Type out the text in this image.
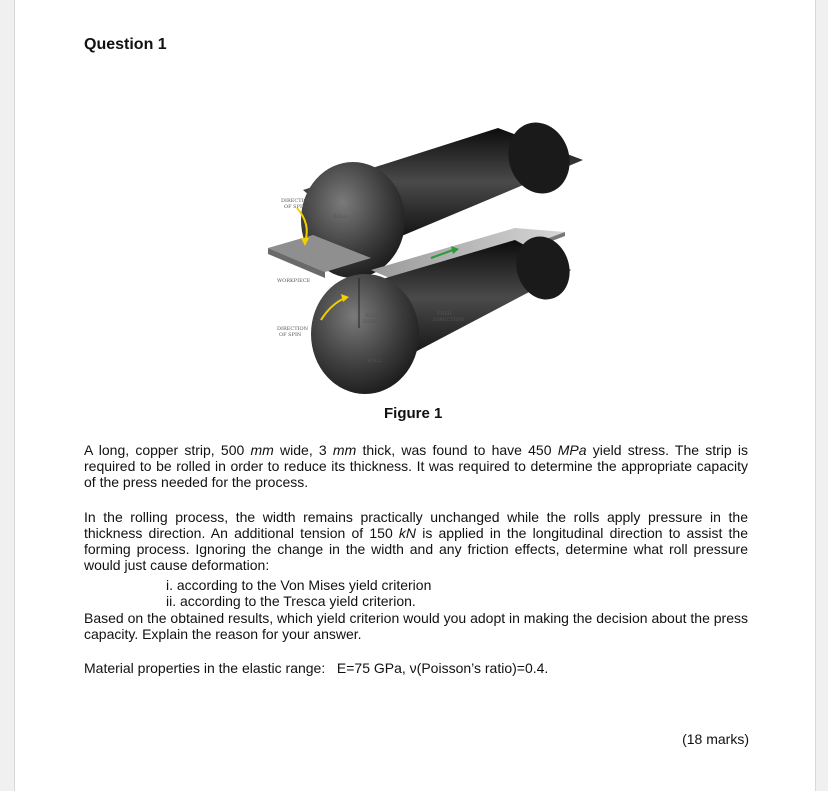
Question 1
DIRECTION
OF SPIN
ROLL
WORKPIECE
ROLL
RADIUS
FEED
DIRECTION
DIRECTION
OF SPIN
ROLL
Figure 1

A long, copper strip, 500 mm wide, 3 mm thick, was found to have 450 MPa yield stress. The strip is required to be rolled in order to reduce its thickness. It was required to determine the appropriate capacity of the press needed for the process.

In the rolling process, the width remains practically unchanged while the rolls apply pressure in the thickness direction. An additional tension of 150 kN is applied in the longitudinal direction to assist the forming process. Ignoring the change in the width and any friction effects, determine what roll pressure would just cause deformation:

i. according to the Von Mises yield criterion
ii. according to the Tresca yield criterion.

Based on the obtained results, which yield criterion would you adopt in making the decision about the press capacity. Explain the reason for your answer.

Material properties in the elastic range: E=75 GPa, ν(Poisson’s ratio)=0.4.

(18 marks)
